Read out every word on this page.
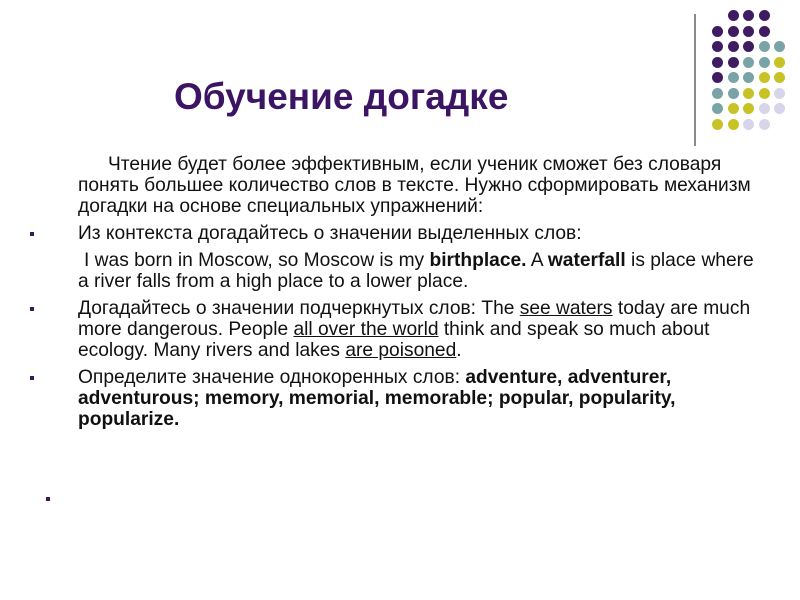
Обучение догадке

Чтение будет более эффективным, если ученик сможет без словаря понять большее количество слов в тексте. Нужно сформировать механизм догадки на основе специальных упражнений:

Из контекста догадайтесь о значении выделенных слов:

I was born in Moscow, so Moscow is my birthplace. A waterfall is place where a river falls from a high place to a lower place.

Догадайтесь о значении подчеркнутых слов: The see waters today are much more dangerous. People all over the world think and speak so much about ecology. Many rivers and lakes are poisoned.

Определите значение однокоренных слов: adventure, adventurer, adventurous; memory, memorial, memorable; popular, popularity, popularize.
